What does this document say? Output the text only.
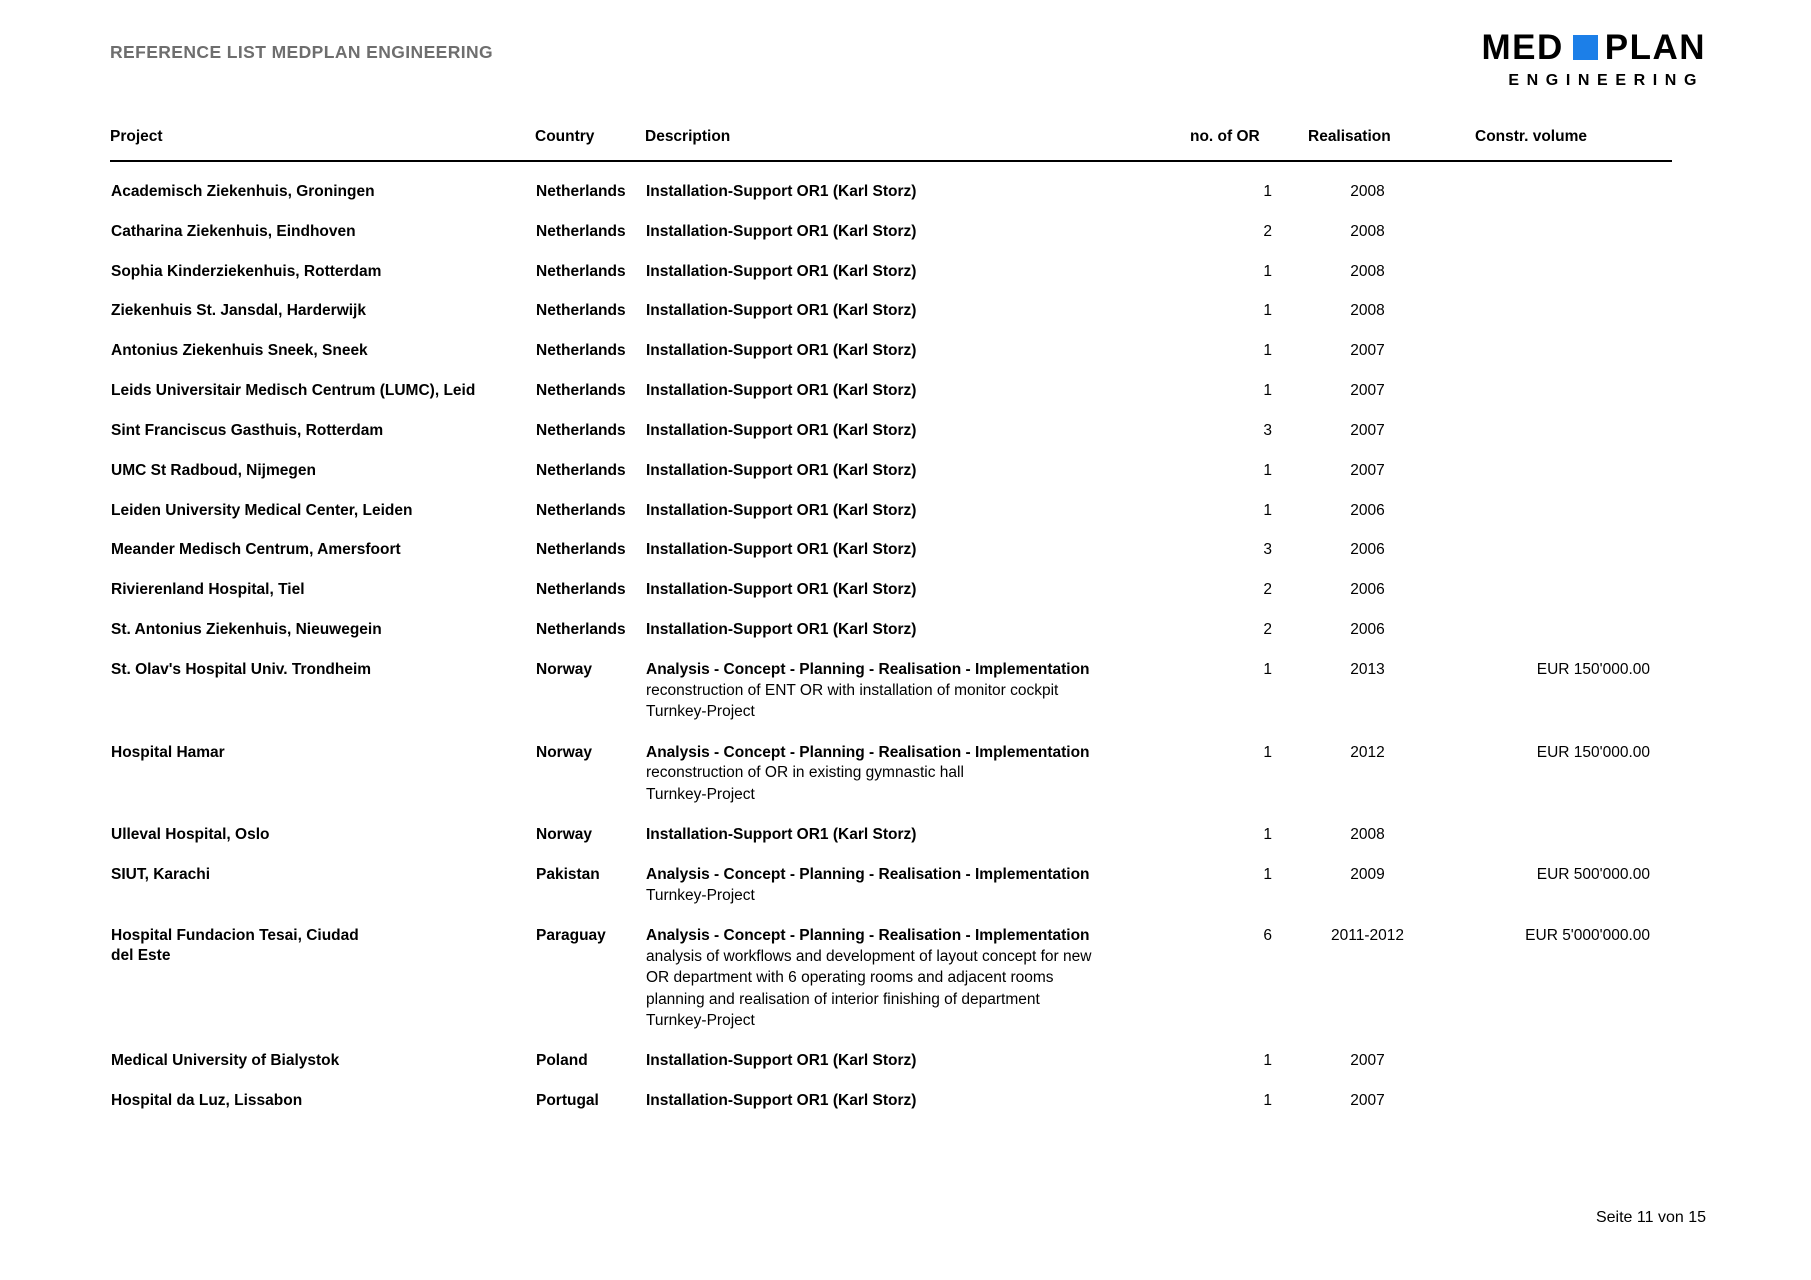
REFERENCE LIST MEDPLAN ENGINEERING	MED PLAN
ENGINEERING
Project	Country	Description	no. of OR	Realisation	Constr. volume
Academisch Ziekenhuis, Groningen	Netherlands	Installation-Support OR1 (Karl Storz)	1	2008	
Catharina Ziekenhuis, Eindhoven	Netherlands	Installation-Support OR1 (Karl Storz)	2	2008	
Sophia Kinderziekenhuis, Rotterdam	Netherlands	Installation-Support OR1 (Karl Storz)	1	2008	
Ziekenhuis St. Jansdal, Harderwijk	Netherlands	Installation-Support OR1 (Karl Storz)	1	2008	
Antonius Ziekenhuis Sneek, Sneek	Netherlands	Installation-Support OR1 (Karl Storz)	1	2007	
Leids Universitair Medisch Centrum (LUMC), Leid	Netherlands	Installation-Support OR1 (Karl Storz)	1	2007	
Sint Franciscus Gasthuis, Rotterdam	Netherlands	Installation-Support OR1 (Karl Storz)	3	2007	
UMC St Radboud, Nijmegen	Netherlands	Installation-Support OR1 (Karl Storz)	1	2007	
Leiden University Medical Center, Leiden	Netherlands	Installation-Support OR1 (Karl Storz)	1	2006	
Meander Medisch Centrum, Amersfoort	Netherlands	Installation-Support OR1 (Karl Storz)	3	2006	
Rivierenland Hospital, Tiel	Netherlands	Installation-Support OR1 (Karl Storz)	2	2006	
St. Antonius Ziekenhuis, Nieuwegein	Netherlands	Installation-Support OR1 (Karl Storz)	2	2006	
St. Olav's Hospital Univ. Trondheim	Norway	Analysis - Concept - Planning - Realisation - Implementation
reconstruction of ENT OR with installation of monitor cockpit
Turnkey-Project	1	2013	EUR 150'000.00
Hospital Hamar	Norway	Analysis - Concept - Planning - Realisation - Implementation
reconstruction of OR in existing gymnastic hall
Turnkey-Project	1	2012	EUR 150'000.00
Ulleval Hospital, Oslo	Norway	Installation-Support OR1 (Karl Storz)	1	2008	
SIUT, Karachi	Pakistan	Analysis - Concept - Planning - Realisation - Implementation
Turnkey-Project	1	2009	EUR 500'000.00
Hospital Fundacion Tesai, Ciudad
del Este	Paraguay	Analysis - Concept - Planning - Realisation - Implementation
analysis of workflows and development of layout concept for new
OR department with 6 operating rooms and adjacent rooms
planning and realisation of interior finishing of department
Turnkey-Project
	6	2011-2012	EUR 5'000'000.00
Medical University of Bialystok	Poland	Installation-Support OR1 (Karl Storz)	1	2007	
Hospital da Luz, Lissabon	Portugal	Installation-Support OR1 (Karl Storz)	1	2007	
Seite 11 von 15
